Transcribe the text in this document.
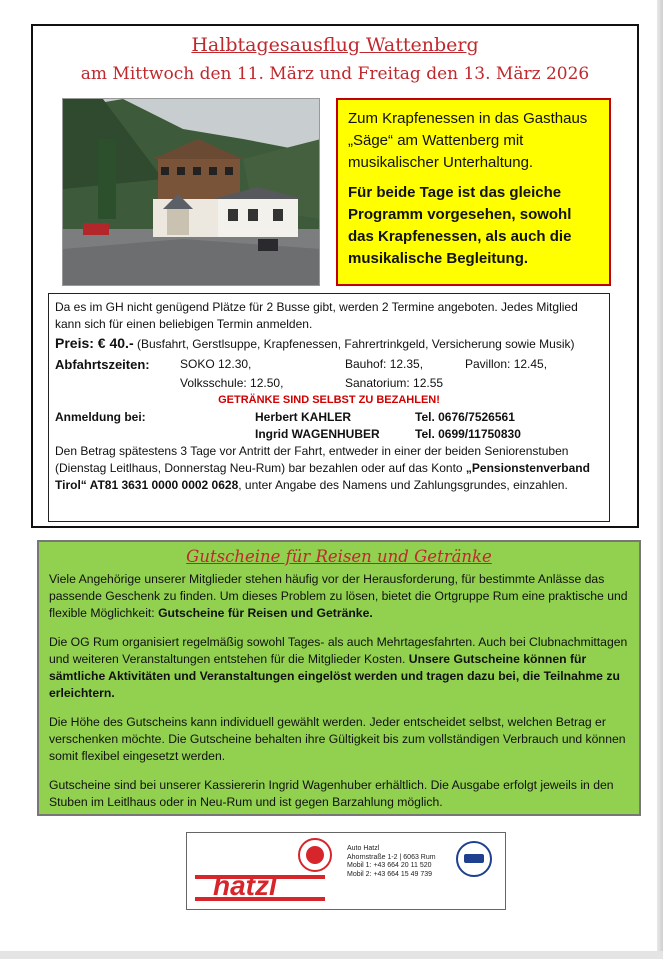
Halbtagesausflug Wattenberg
am Mittwoch den 11. März und Freitag den 13. März 2026

Zum Krapfenessen in das Gasthaus „Säge“ am Wattenberg mit musikalischer Unterhaltung.

Für beide Tage ist das gleiche Programm vorgesehen, sowohl das Krapfenessen, als auch die musikalische Begleitung.

Da es im GH nicht genügend Plätze für 2 Busse gibt, werden 2 Termine angeboten. Jedes Mitglied kann sich für einen beliebigen Termin anmelden.
Preis: € 40.- (Busfahrt, Gerstlsuppe, Krapfenessen, Fahrertrinkgeld, Versicherung sowie Musik)
Abfahrtszeiten:	SOKO 12.30,	Bauhof: 12.35,	Pavillon: 12.45,
Volksschule: 12.50,	Sanatorium: 12.55
GETRÄNKE SIND SELBST ZU BEZAHLEN!
Anmeldung bei:	Herbert KAHLER	Tel. 0676/7526561
Ingrid WAGENHUBER	Tel. 0699/11750830
Den Betrag spätestens 3 Tage vor Antritt der Fahrt, entweder in einer der beiden Seniorenstuben (Dienstag Leitlhaus, Donnerstag Neu-Rum) bar bezahlen oder auf das Konto „Pensionstenverband Tirol“ AT81 3631 0000 0002 0628, unter Angabe des Namens und Zahlungsgrundes, einzahlen.
Gutscheine für Reisen und Getränke

Viele Angehörige unserer Mitglieder stehen häufig vor der Herausforderung, für bestimmte Anlässe das passende Geschenk zu finden. Um dieses Problem zu lösen, bietet die Ortgruppe Rum eine praktische und flexible Möglichkeit: Gutscheine für Reisen und Getränke.

Die OG Rum organisiert regelmäßig sowohl Tages- als auch Mehrtagesfahrten. Auch bei Clubnachmittagen und weiteren Veranstaltungen entstehen für die Mitglieder Kosten. Unsere Gutscheine können für sämtliche Aktivitäten und Veranstaltungen eingelöst werden und tragen dazu bei, die Teilnahme zu erleichtern.

Die Höhe des Gutscheins kann individuell gewählt werden. Jeder entscheidet selbst, welchen Betrag er verschenken möchte. Die Gutscheine behalten ihre Gültigkeit bis zum vollständigen Verbrauch und können somit flexibel eingesetzt werden.

Gutscheine sind bei unserer Kassiererin Ingrid Wagenhuber erhältlich. Die Ausgabe erfolgt jeweils in den Stuben im Leitlhaus oder in Neu-Rum und ist gegen Barzahlung möglich.

hatzl
Auto Hatzl
Ahornstraße 1-2 | 6063 Rum
Mobil 1: +43 664 20 11 520
Mobil 2: +43 664 15 49 739
